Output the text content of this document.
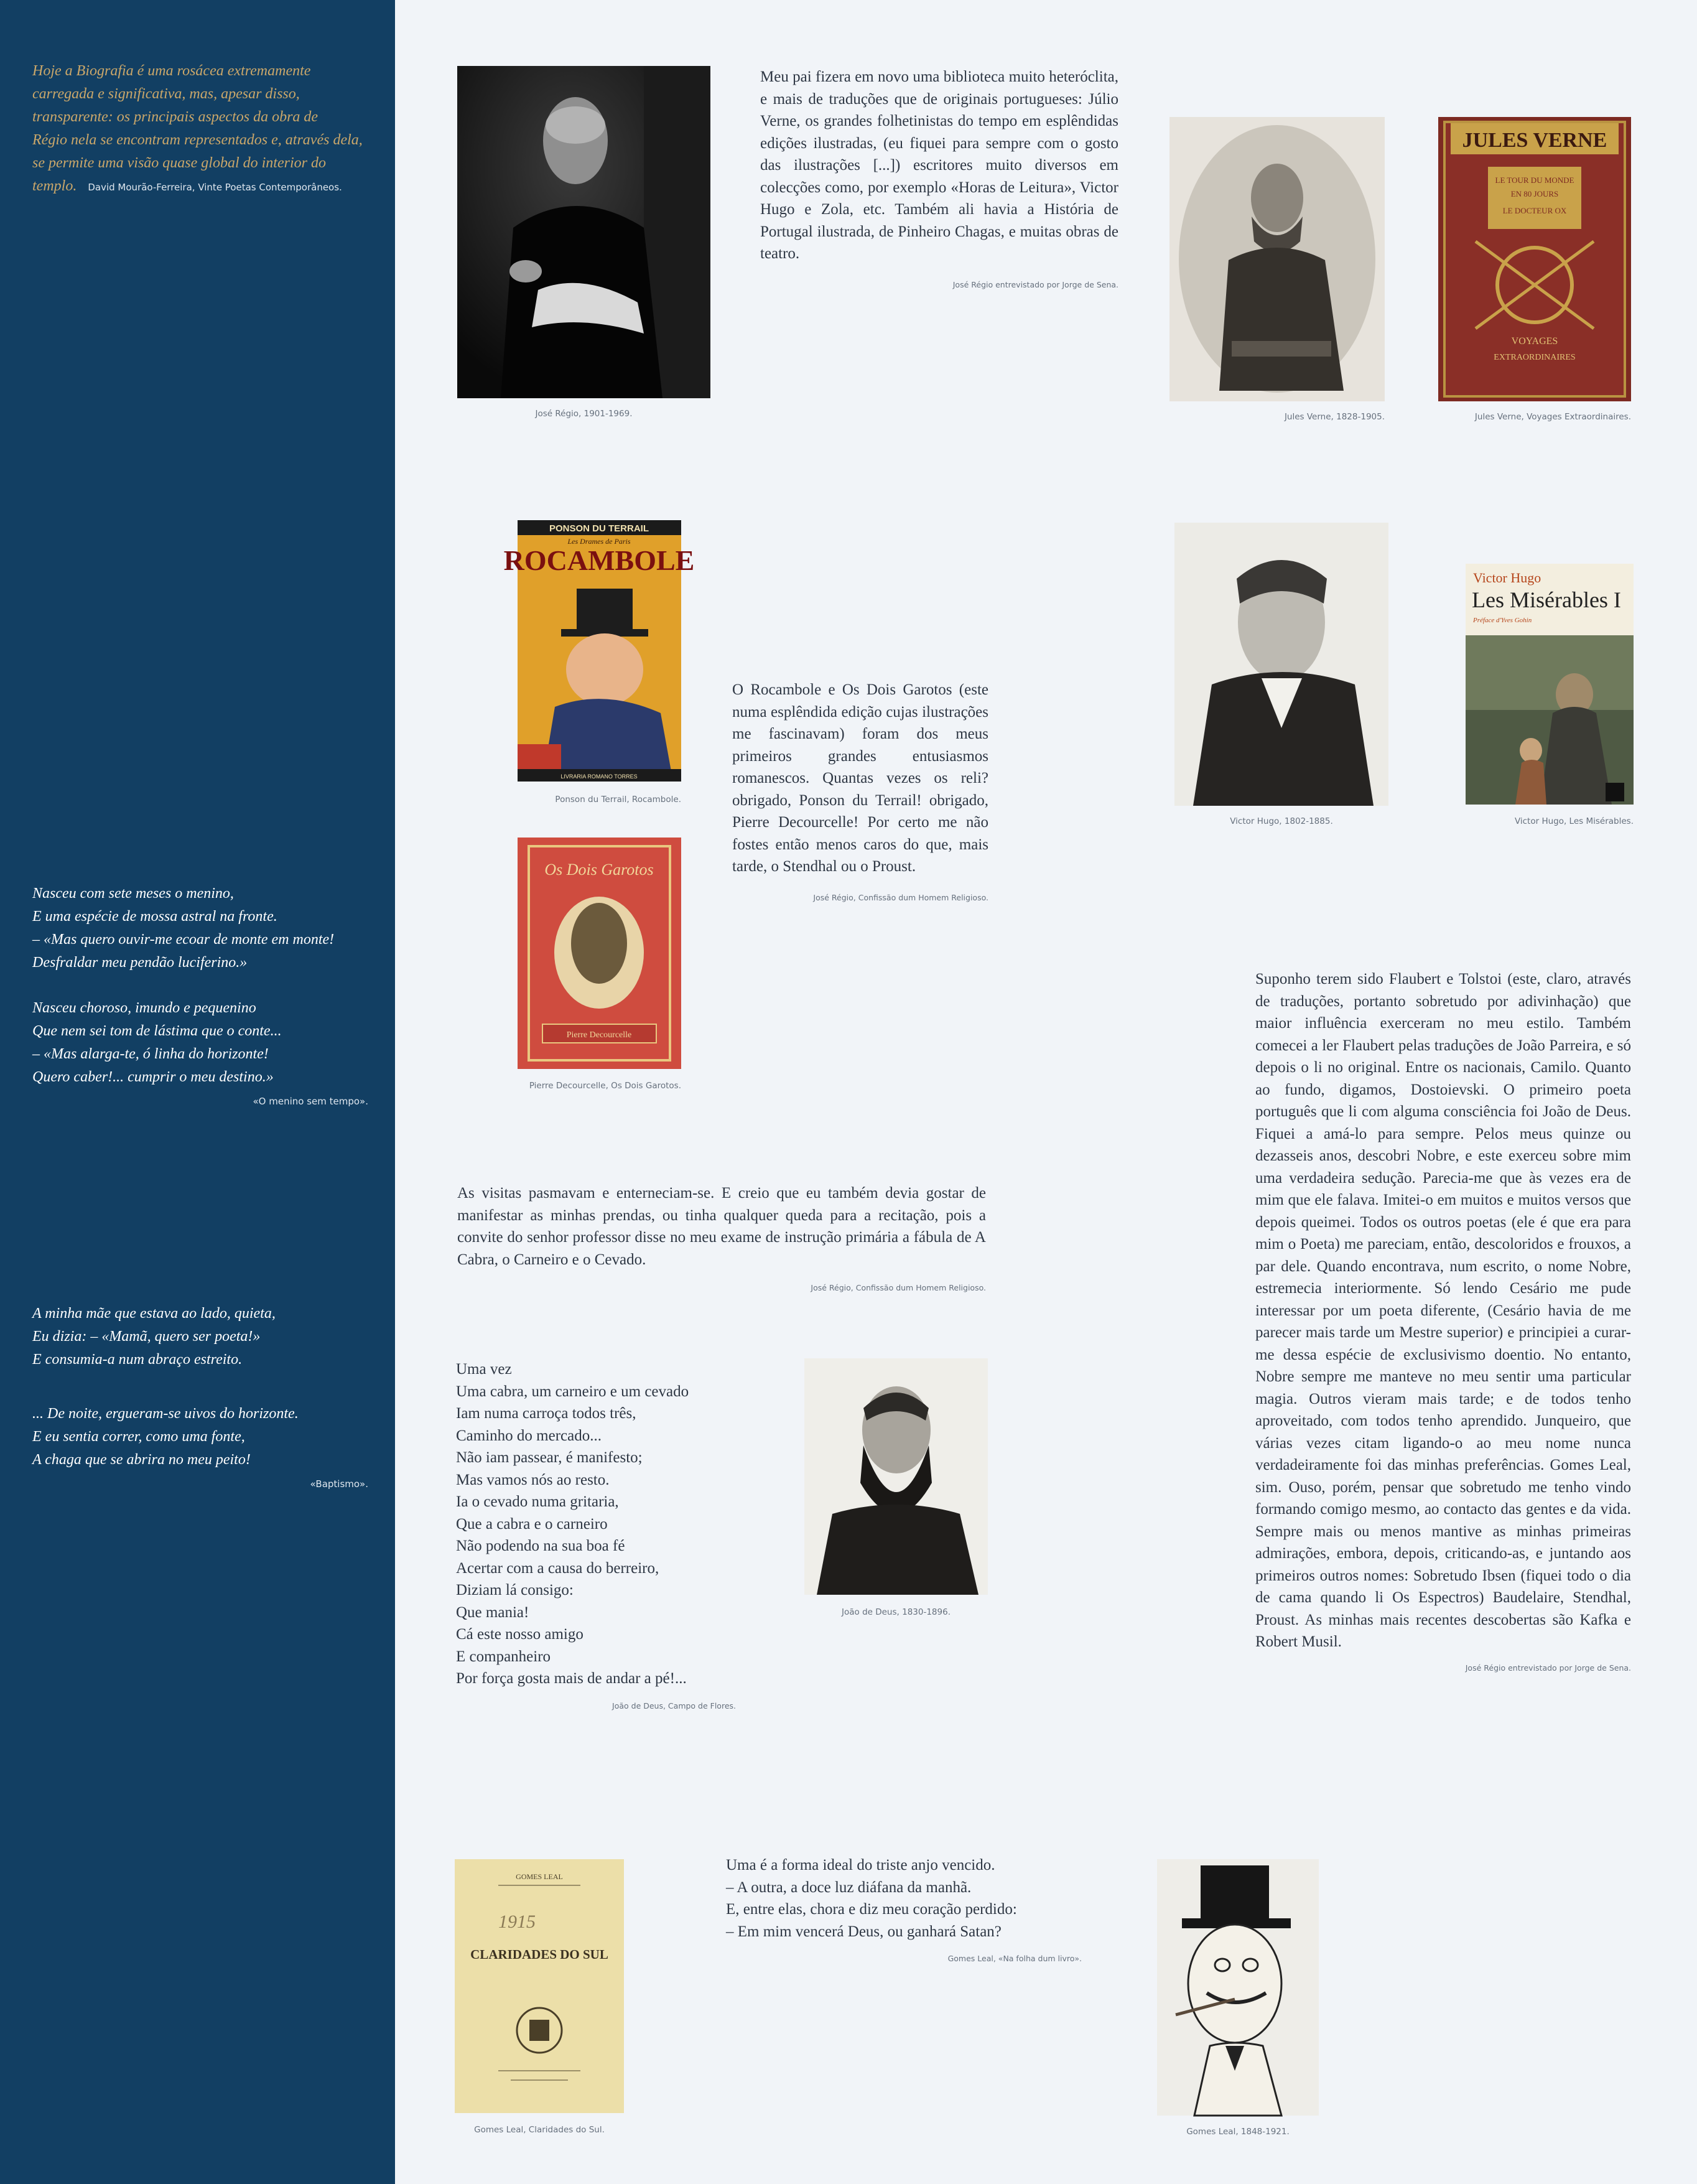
Hoje a Biografia é uma rosácea extremamente
carregada e significativa, mas, apesar disso,
transparente: os principais aspectos da obra de
Régio nela se encontram representados e, através dela,
se permite uma visão quase global do interior do
templo. David Mourão-Ferreira, Vinte Poetas Contemporâneos.
Nasceu com sete meses o menino,
E uma espécie de mossa astral na fronte.
– «Mas quero ouvir-me ecoar de monte em monte!
Desfraldar meu pendão luciferino.»
Nasceu choroso, imundo e pequenino
Que nem sei tom de lástima que o conte...
– «Mas alarga-te, ó linha do horizonte!
Quero caber!... cumprir o meu destino.»
«O menino sem tempo».
A minha mãe que estava ao lado, quieta,
Eu dizia: – «Mamã, quero ser poeta!»
E consumia-a num abraço estreito.
... De noite, ergueram-se uivos do horizonte.
E eu sentia correr, como uma fonte,
A chaga que se abrira no meu peito!
«Baptismo».
José Régio, 1901-1969.

Meu pai fizera em novo uma biblioteca muito heteróclita, e mais de traduções que de originais portugueses: Júlio Verne, os grandes folhetinistas do tempo em esplêndidas edições ilustradas, (eu fiquei para sempre com o gosto das ilustrações [...]) escritores muito diversos em colecções como, por exemplo «Horas de Leitura», Victor Hugo e Zola, etc. Também ali havia a História de Portugal ilustrada, de Pinheiro Chagas, e muitas obras de teatro.

José Régio entrevistado por Jorge de Sena.
Jules Verne, 1828-1905.
JULES VERNE
LE TOUR DU MONDE
EN 80 JOURS
LE DOCTEUR OX
VOYAGES
EXTRAORDINAIRES
Jules Verne, Voyages Extraordinaires.
PONSON DU TERRAIL
Les Drames de Paris
ROCAMBOLE
LIVRARIA ROMANO TORRES
Ponson du Terrail, Rocambole.
Os Dois Garotos
Pierre Decourcelle
Pierre Decourcelle, Os Dois Garotos.

O Rocambole e Os Dois Garotos (este numa esplêndida edição cujas ilustrações me fascinavam) foram dos meus primeiros grandes entusiasmos romanescos. Quantas vezes os reli? obrigado, Ponson du Terrail! obrigado, Pierre Decourcelle! Por certo me não fostes então menos caros do que, mais tarde, o Stendhal ou o Proust.

José Régio, Confissão dum Homem Religioso.
Victor Hugo, 1802-1885.
Victor Hugo
Les Misérables I
Préface d'Yves Gohin
Victor Hugo, Les Misérables.

Suponho terem sido Flaubert e Tolstoi (este, claro, através de traduções, portanto sobretudo por adivinhação) que maior influência exerceram no meu estilo. Também comecei a ler Flaubert pelas traduções de João Parreira, e só depois o li no original. Entre os nacionais, Camilo. Quanto ao fundo, digamos, Dostoievski. O primeiro poeta português que li com alguma consciência foi João de Deus. Fiquei a amá-lo para sempre. Pelos meus quinze ou dezasseis anos, descobri Nobre, e este exerceu sobre mim uma verdadeira sedução. Parecia-me que às vezes era de mim que ele falava. Imitei-o em muitos e muitos versos que depois queimei. Todos os outros poetas (ele é que era para mim o Poeta) me pareciam, então, descoloridos e frouxos, a par dele. Quando encontrava, num escrito, o nome Nobre, estremecia interiormente. Só lendo Cesário me pude interessar por um poeta diferente, (Cesário havia de me parecer mais tarde um Mestre superior) e principiei a curar-me dessa espécie de exclusivismo doentio. No entanto, Nobre sempre me manteve no meu sentir uma particular magia. Outros vieram mais tarde; e de todos tenho aproveitado, com todos tenho aprendido. Junqueiro, que várias vezes citam ligando-o ao meu nome nunca verdadeiramente foi das minhas preferências. Gomes Leal, sim. Ouso, porém, pensar que sobretudo me tenho vindo formando comigo mesmo, ao contacto das gentes e da vida. Sempre mais ou menos mantive as minhas primeiras admirações, embora, depois, criticando-as, e juntando aos primeiros outros nomes: Sobretudo Ibsen (fiquei todo o dia de cama quando li Os Espectros) Baudelaire, Stendhal, Proust. As minhas mais recentes descobertas são Kafka e Robert Musil.

José Régio entrevistado por Jorge de Sena.

As visitas pasmavam e enterneciam-se. E creio que eu também devia gostar de manifestar as minhas prendas, ou tinha qualquer queda para a recitação, pois a convite do senhor professor disse no meu exame de instrução primária a fábula de A Cabra, o Carneiro e o Cevado.

José Régio, Confissão dum Homem Religioso.
Uma vez
Uma cabra, um carneiro e um cevado
Iam numa carroça todos três,
Caminho do mercado...
Não iam passear, é manifesto;
Mas vamos nós ao resto.
Ia o cevado numa gritaria,
Que a cabra e o carneiro
Não podendo na sua boa fé
Acertar com a causa do berreiro,
Diziam lá consigo:
Que mania!
Cá este nosso amigo
E companheiro
Por força gosta mais de andar a pé!...
João de Deus, Campo de Flores.
João de Deus, 1830-1896.
GOMES LEAL
1915
CLARIDADES DO SUL
Gomes Leal, Claridades do Sul.
Uma é a forma ideal do triste anjo vencido.
– A outra, a doce luz diáfana da manhã.
E, entre elas, chora e diz meu coração perdido:
– Em mim vencerá Deus, ou ganhará Satan?
Gomes Leal, «Na folha dum livro».
Gomes Leal, 1848-1921.
